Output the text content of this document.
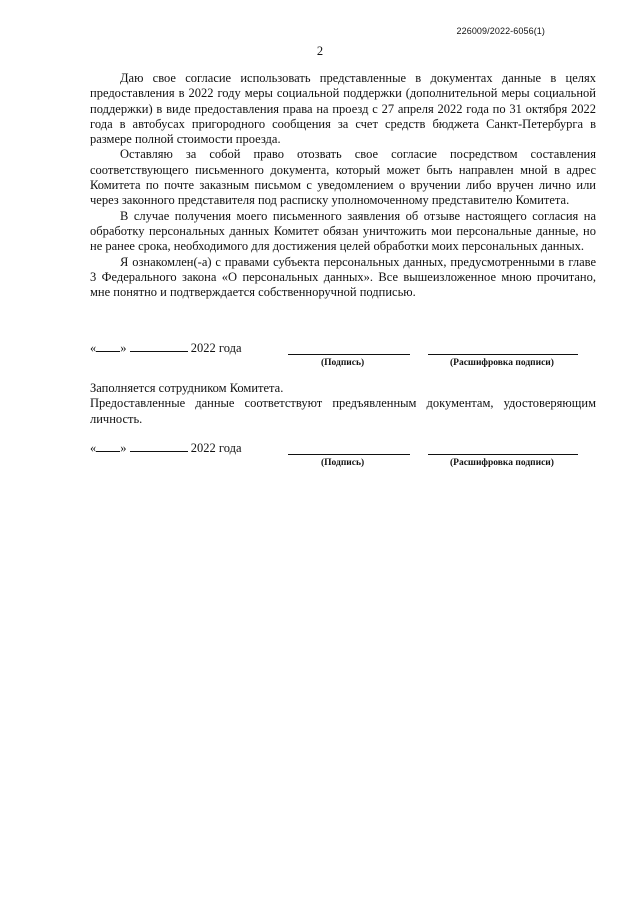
226009/2022-6056(1)
2

Даю свое согласие использовать представленные в документах данные в целях предоставления в 2022 году меры социальной поддержки (дополнительной меры социальной поддержки) в виде предоставления права на проезд с 27 апреля 2022 года по 31 октября 2022 года в автобусах пригородного сообщения за счет средств бюджета Санкт-Петербурга в размере полной стоимости проезда.

Оставляю за собой право отозвать свое согласие посредством составления соответствующего письменного документа, который может быть направлен мной в адрес Комитета по почте заказным письмом с уведомлением о вручении либо вручен лично или через законного представителя под расписку уполномоченному представителю Комитета.

В случае получения моего письменного заявления об отзыве настоящего согласия на обработку персональных данных Комитет обязан уничтожить мои персональные данные, но не ранее срока, необходимого для достижения целей обработки моих персональных данных.

Я ознакомлен(-а) с правами субъекта персональных данных, предусмотренными в главе 3 Федерального закона «О персональных данных». Все вышеизложенное мною прочитано, мне понятно и подтверждается собственноручной подписью.

« »	2022 года
(Подпись)	(Расшифровка подписи)

Заполняется сотрудником Комитета.

Предоставленные данные соответствуют предъявленным документам, удостоверяющим личность.

« »	2022 года
(Подпись)	(Расшифровка подписи)
